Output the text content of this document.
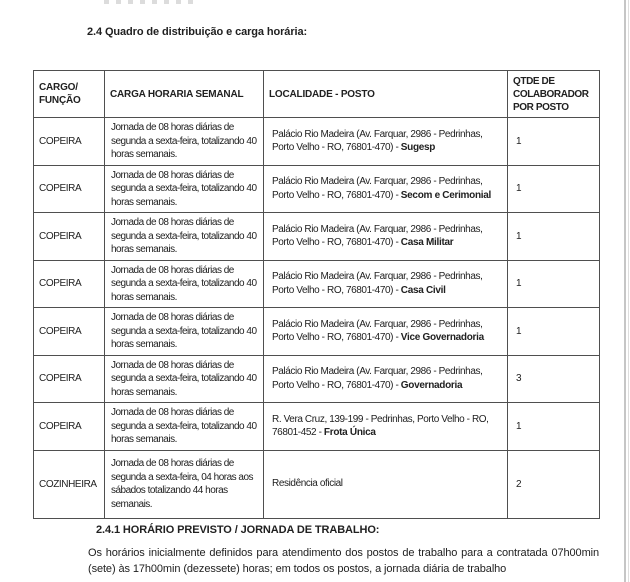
2.4 Quadro de distribuição e carga horária:
CARGO/ FUNÇÃO	CARGA HORARIA SEMANAL	LOCALIDADE - POSTO	QTDE DE COLABORADOR POR POSTO
COPEIRA	Jornada de 08 horas diárias de segunda a sexta-feira, totalizando 40 horas semanais.	Palácio Rio Madeira (Av. Farquar, 2986 - Pedrinhas, Porto Velho - RO, 76801-470) - Sugesp	1
COPEIRA	Jornada de 08 horas diárias de segunda a sexta-feira, totalizando 40 horas semanais.	Palácio Rio Madeira (Av. Farquar, 2986 - Pedrinhas, Porto Velho - RO, 76801-470) - Secom e Cerimonial	1
COPEIRA	Jornada de 08 horas diárias de segunda a sexta-feira, totalizando 40 horas semanais.	Palácio Rio Madeira (Av. Farquar, 2986 - Pedrinhas, Porto Velho - RO, 76801-470) - Casa Militar	1
COPEIRA	Jornada de 08 horas diárias de segunda a sexta-feira, totalizando 40 horas semanais.	Palácio Rio Madeira (Av. Farquar, 2986 - Pedrinhas, Porto Velho - RO, 76801-470) - Casa Civil	1
COPEIRA	Jornada de 08 horas diárias de segunda a sexta-feira, totalizando 40 horas semanais.	Palácio Rio Madeira (Av. Farquar, 2986 - Pedrinhas, Porto Velho - RO, 76801-470) - Vice Governadoria	1
COPEIRA	Jornada de 08 horas diárias de segunda a sexta-feira, totalizando 40 horas semanais.	Palácio Rio Madeira (Av. Farquar, 2986 - Pedrinhas, Porto Velho - RO, 76801-470) - Governadoria	3
COPEIRA	Jornada de 08 horas diárias de segunda a sexta-feira, totalizando 40 horas semanais.	R. Vera Cruz, 139-199 - Pedrinhas, Porto Velho - RO, 76801-452 - Frota Única	1
COZINHEIRA	Jornada de 08 horas diárias de segunda a sexta-feira, 04 horas aos sábados totalizando 44 horas semanais.	Residência oficial	2
2.4.1 HORÁRIO PREVISTO / JORNADA DE TRABALHO:
Os horários inicialmente definidos para atendimento dos postos de trabalho para a contratada 07h00min (sete) às 17h00min (dezessete) horas; em todos os postos, a jornada diária de trabalho
